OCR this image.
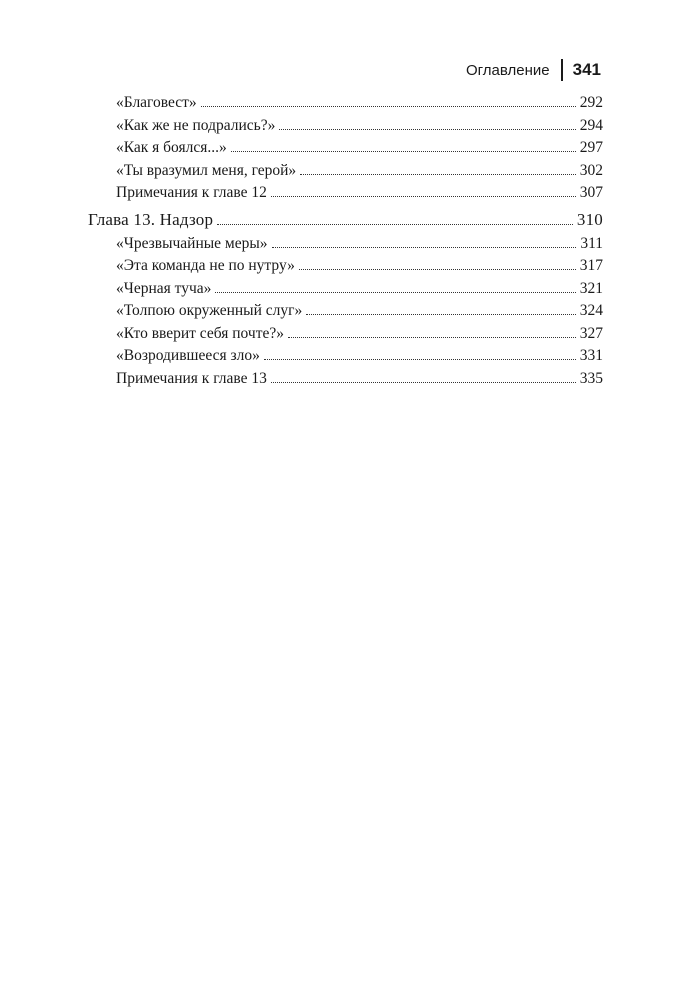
Оглавление 341
«Благовест»	292
«Как же не подрались?»	294
«Как я боялся...»	297
«Ты вразумил меня, герой»	302
Примечания к главе 12	307
Глава 13. Надзор	310
«Чрезвычайные меры»	311
«Эта команда не по нутру»	317
«Черная туча»	321
«Толпою окруженный слуг»	324
«Кто вверит себя почте?»	327
«Возродившееся зло»	331
Примечания к главе 13	335
